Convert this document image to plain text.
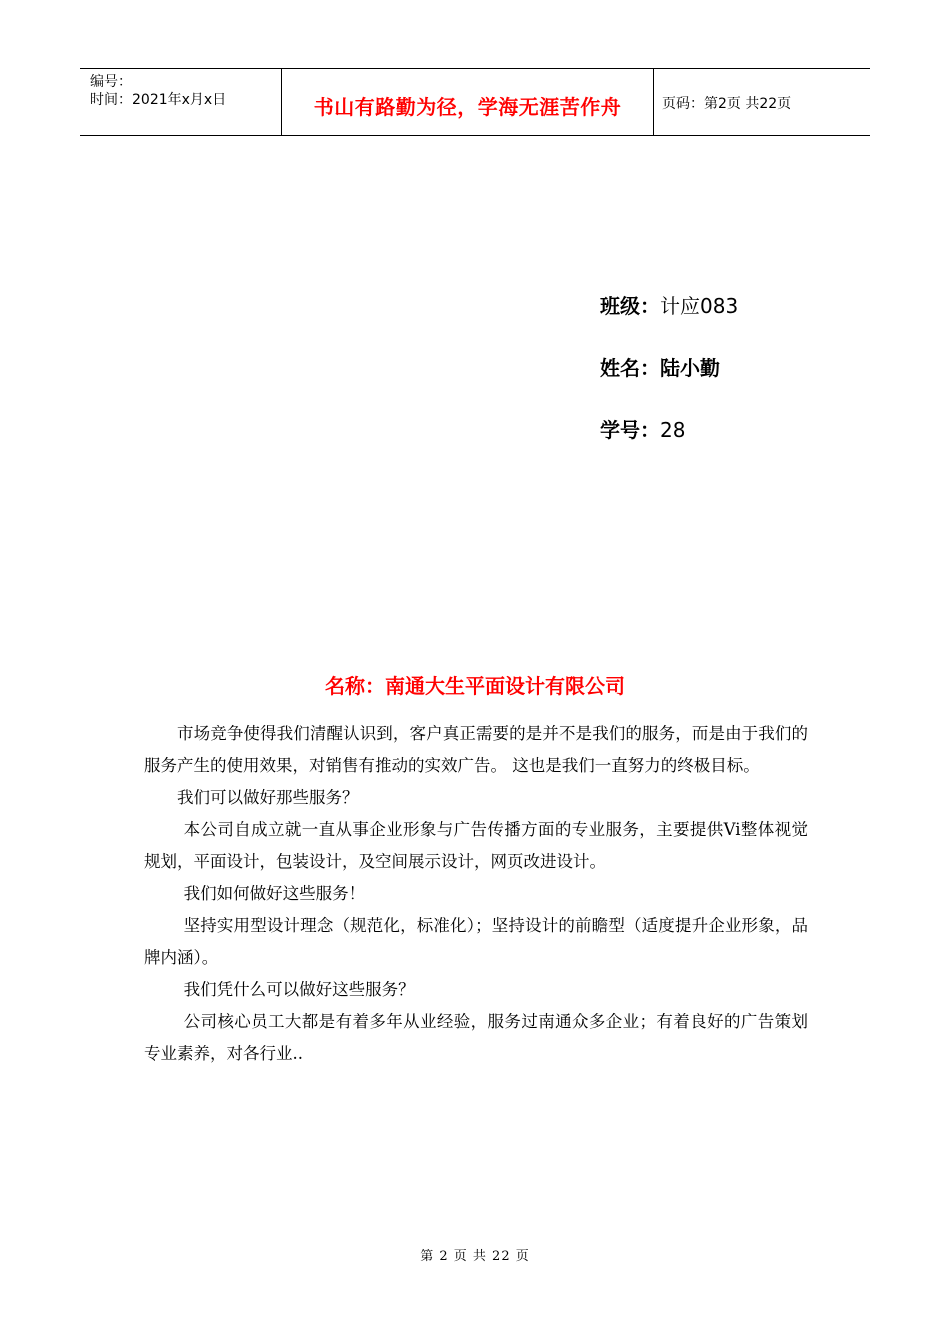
编号：
时间：2021年x月x日	书山有路勤为径，学海无涯苦作舟	页码：第2页 共22页
班级：计应083
姓名：陆小勤
学号：28
名称：南通大生平面设计有限公司

市场竞争使得我们清醒认识到，客户真正需要的是并不是我们的服务，而是由于我们的服务产生的使用效果，对销售有推动的实效广告。 这也是我们一直努力的终极目标。

我们可以做好那些服务？

本公司自成立就一直从事企业形象与广告传播方面的专业服务，主要提供Vi整体视觉规划，平面设计，包装设计，及空间展示设计，网页改进设计。

我们如何做好这些服务！

坚持实用型设计理念（规范化，标准化）；坚持设计的前瞻型（适度提升企业形象，品牌内涵）。

我们凭什么可以做好这些服务？

公司核心员工大都是有着多年从业经验，服务过南通众多企业；有着良好的广告策划专业素养，对各行业..

第 2 页 共 22 页
